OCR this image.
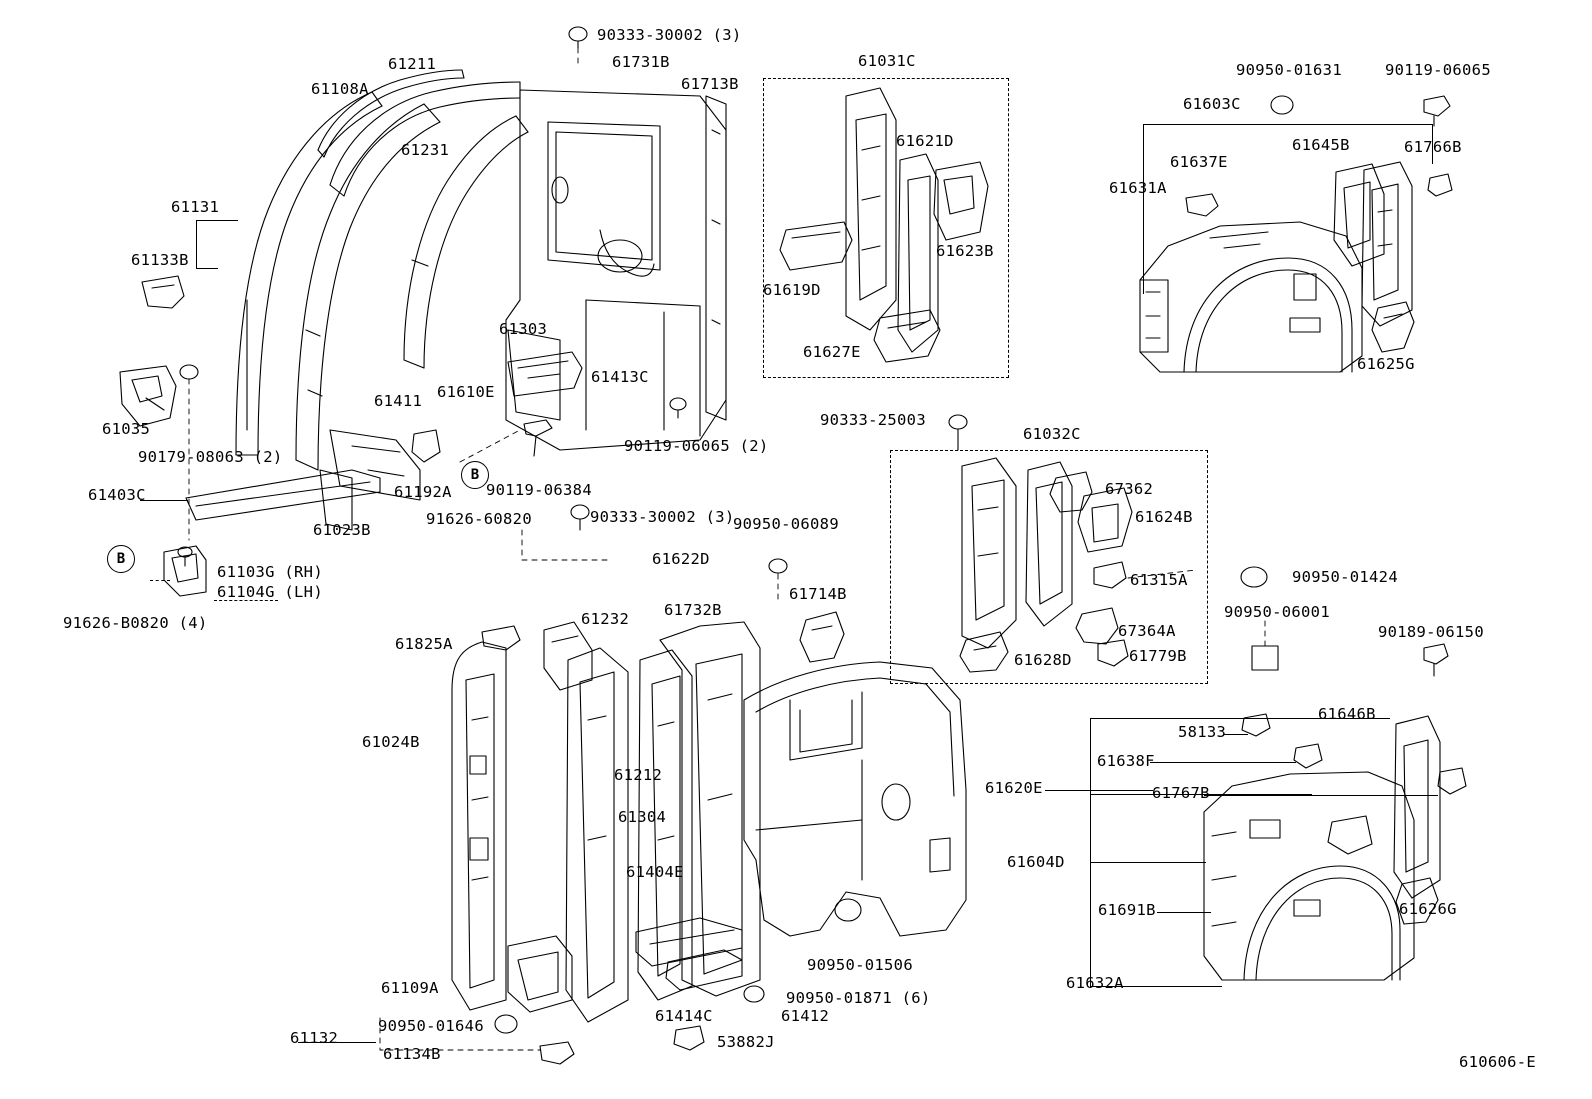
90333-30002 (3)
61211	61731B
61108A	61713B
61031C	90950-01631	90119-06065
61603C
61231	61621D	61645B	61766B
61637E
61131
61631A
61133B	61623B
61619D
61303
61627E
61625G
61413C
61610E
61411
90333-25003
61032C
61035
90119-06065 (2)
90179-08063 (2)
61403C	61192A 90119-06384	67362
61624B
91626-60820
61023B
90333-30002 (3)
90950-06089
61622D
61732B
61714B
61315A	90950-01424
61232	90950-06001
61103G (RH)
61104G (LH)
61825A
67364A	90189-06150
61628D	61779B
91626-B0820 (4)
61646B
58133
61024B
61638F
61212
61620E	61767B
61304
61604D
61404E
61691B	61626G
90950-01506
61632A
61109A
90950-01871 (6)
61412
61414C
90950-01646
61132	53882J
61134B	610606-E
B
B
